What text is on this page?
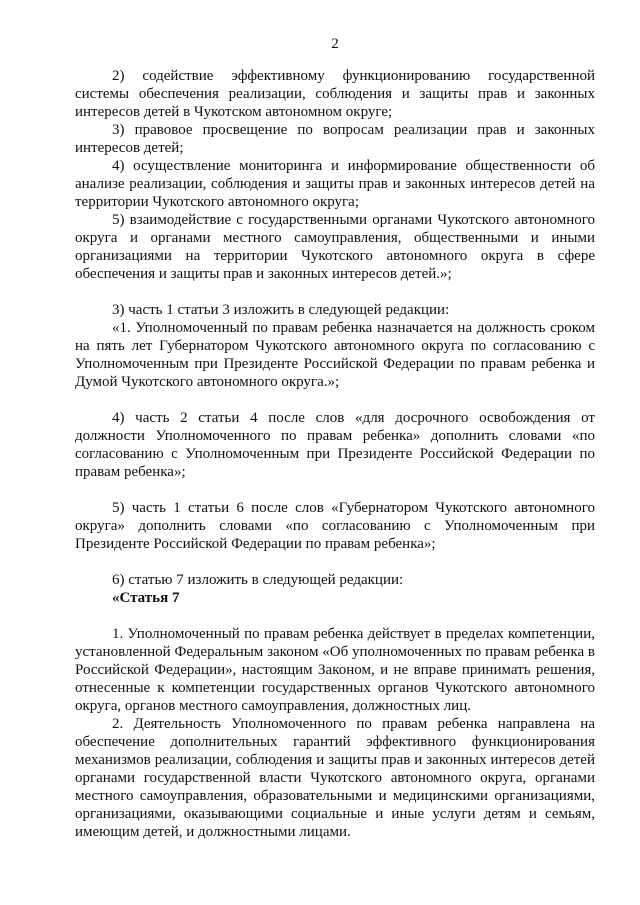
2

2) содействие эффективному функционированию государственной системы обеспечения реализации, соблюдения и защиты прав и законных интересов детей в Чукотском автономном округе;

3) правовое просвещение по вопросам реализации прав и законных интересов детей;

4) осуществление мониторинга и информирование общественности об анализе реализации, соблюдения и защиты прав и законных интересов детей на территории Чукотского автономного округа;

5) взаимодействие с государственными органами Чукотского автономного округа и органами местного самоуправления, общественными и иными организациями на территории Чукотского автономного округа в сфере обеспечения и защиты прав и законных интересов детей.»;

3) часть 1 статьи 3 изложить в следующей редакции:

«1. Уполномоченный по правам ребенка назначается на должность сроком на пять лет Губернатором Чукотского автономного округа по согласованию с Уполномоченным при Президенте Российской Федерации по правам ребенка и Думой Чукотского автономного округа.»;

4) часть 2 статьи 4 после слов «для досрочного освобождения от должности Уполномоченного по правам ребенка» дополнить словами «по согласованию с Уполномоченным при Президенте Российской Федерации по правам ребенка»;

5) часть 1 статьи 6 после слов «Губернатором Чукотского автономного округа» дополнить словами «по согласованию с Уполномоченным при Президенте Российской Федерации по правам ребенка»;

6) статью 7 изложить в следующей редакции:

«Статья 7

1. Уполномоченный по правам ребенка действует в пределах компетенции, установленной Федеральным законом «Об уполномоченных по правам ребенка в Российской Федерации», настоящим Законом, и не вправе принимать решения, отнесенные к компетенции государственных органов Чукотского автономного округа, органов местного самоуправления, должностных лиц.

2. Деятельность Уполномоченного по правам ребенка направлена на обеспечение дополнительных гарантий эффективного функционирования механизмов реализации, соблюдения и защиты прав и законных интересов детей органами государственной власти Чукотского автономного округа, органами местного самоуправления, образовательными и медицинскими организациями, организациями, оказывающими социальные и иные услуги детям и семьям, имеющим детей, и должностными лицами.
